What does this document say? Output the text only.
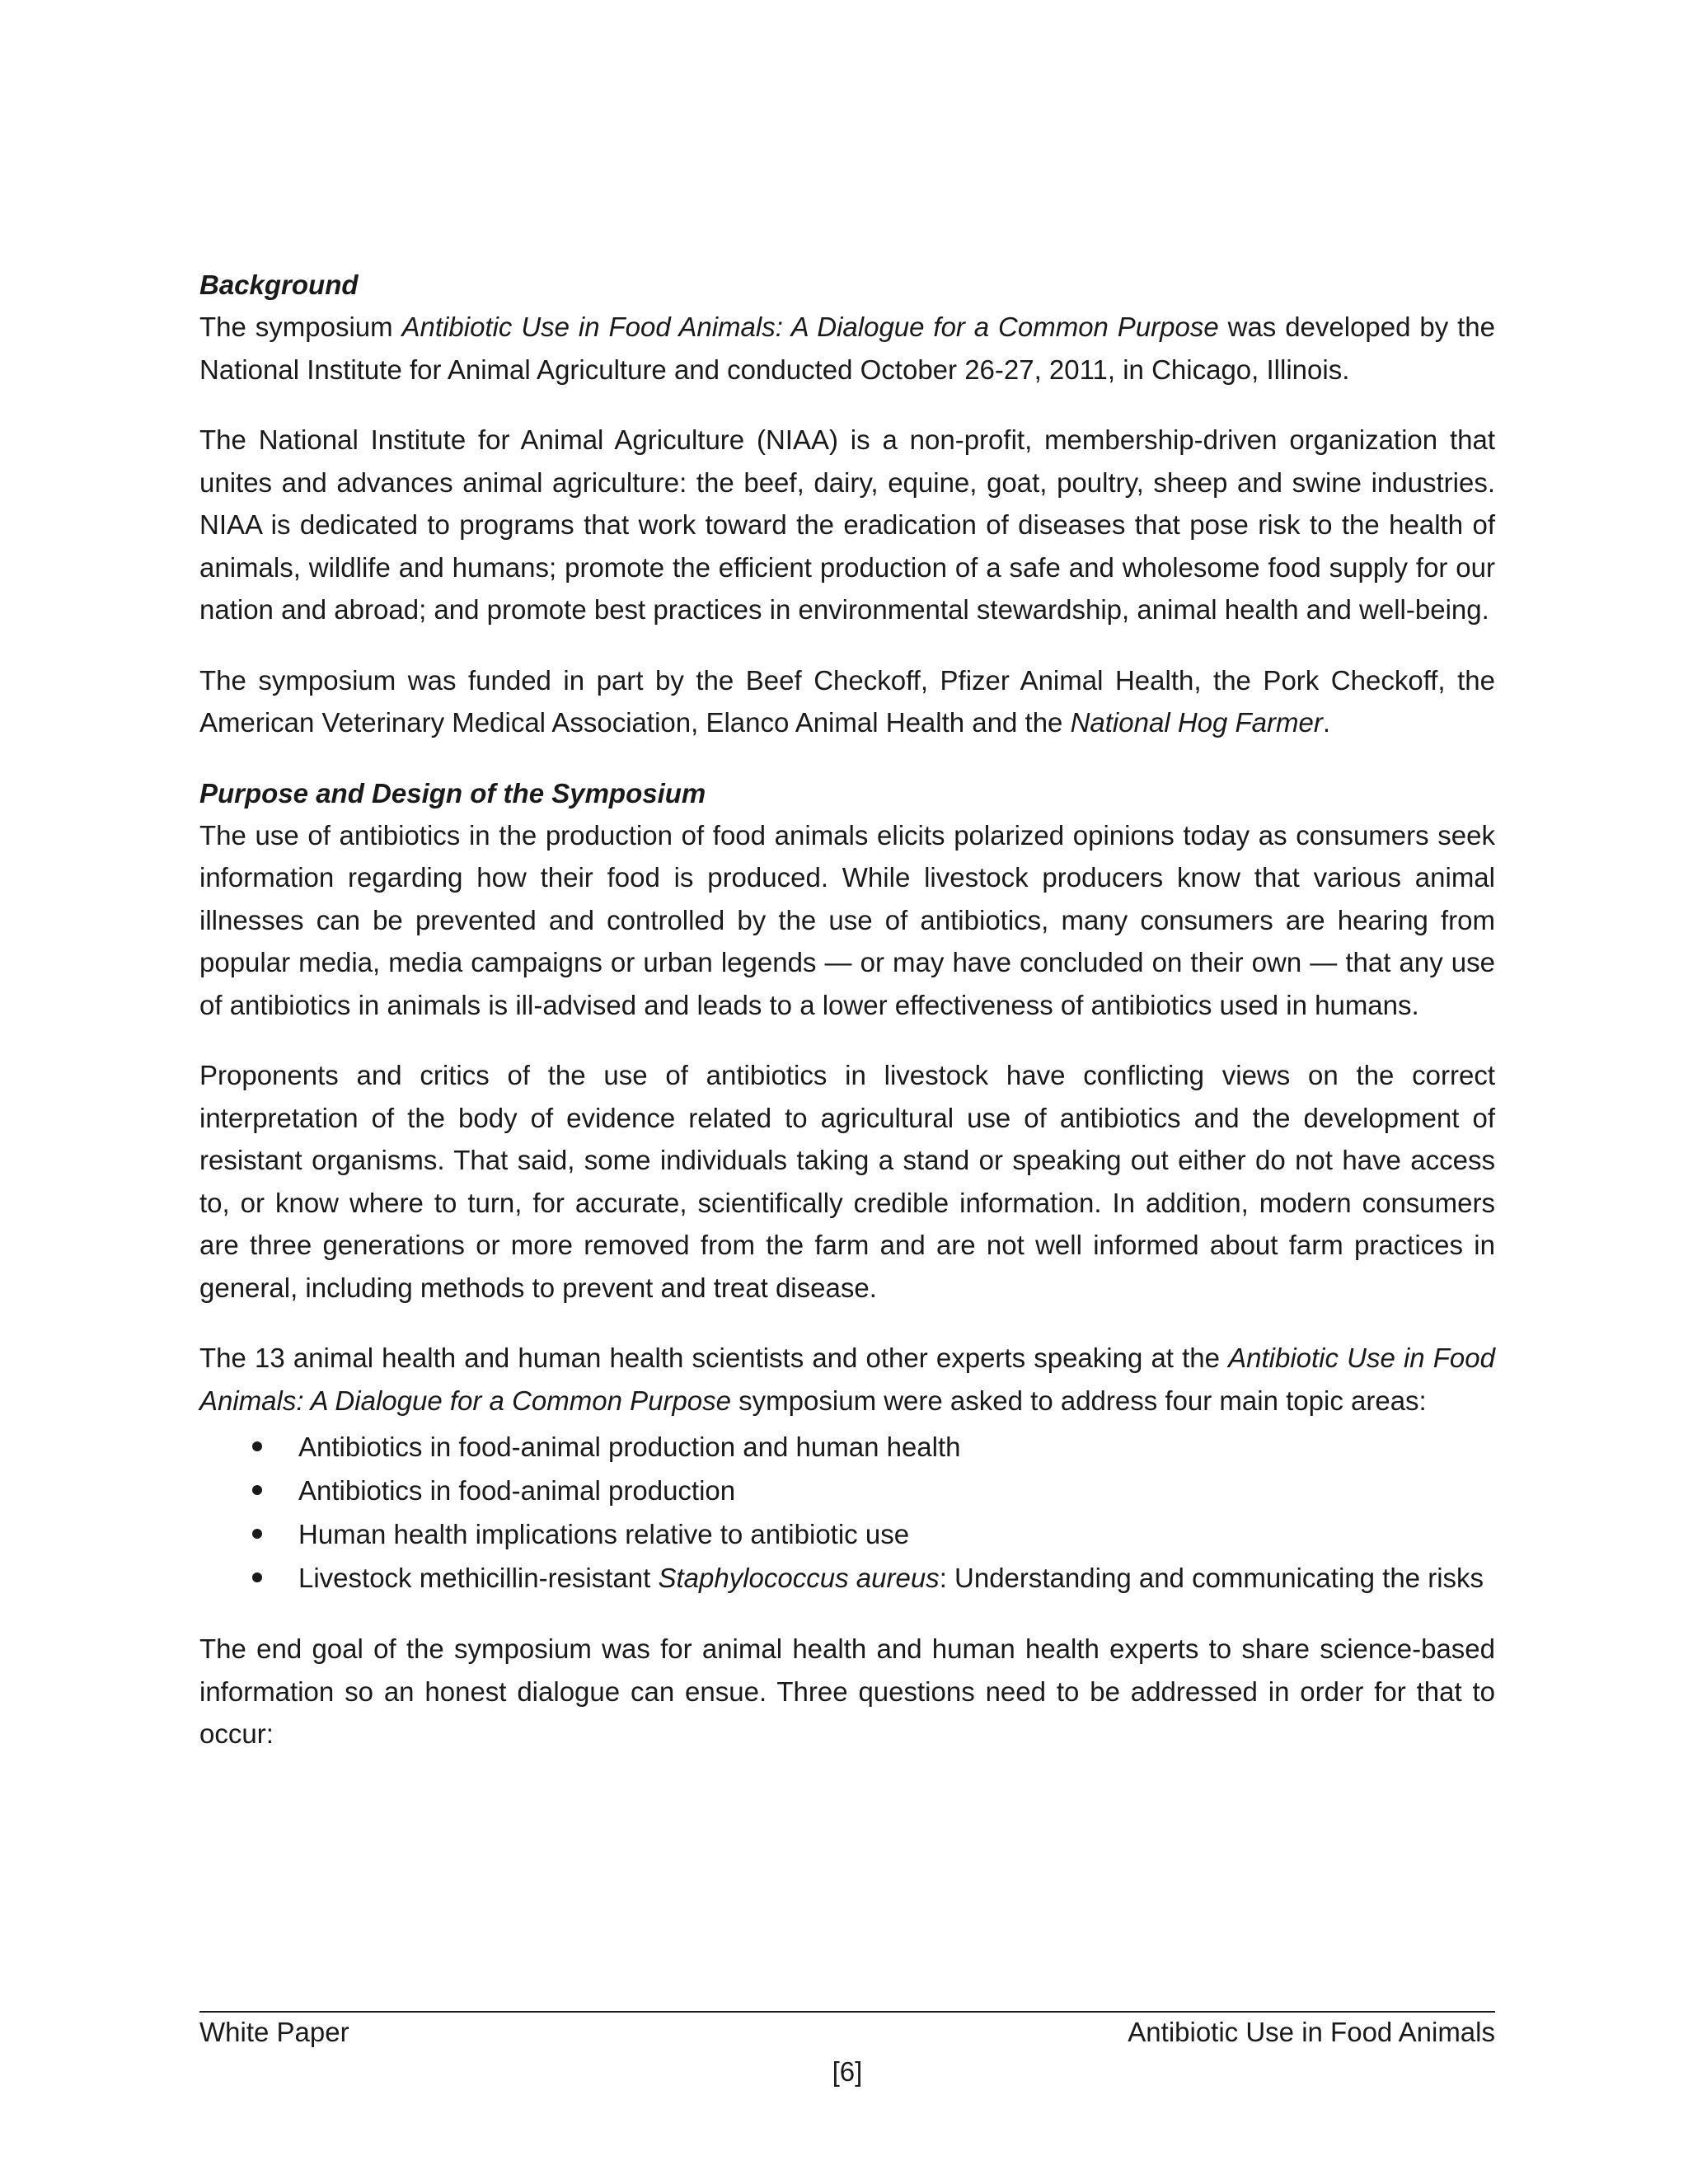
Background

The symposium Antibiotic Use in Food Animals: A Dialogue for a Common Purpose was developed by the National Institute for Animal Agriculture and conducted October 26-27, 2011, in Chicago, Illinois.

The National Institute for Animal Agriculture (NIAA) is a non-profit, membership-driven organization that unites and advances animal agriculture: the beef, dairy, equine, goat, poultry, sheep and swine industries. NIAA is dedicated to programs that work toward the eradication of diseases that pose risk to the health of animals, wildlife and humans; promote the efficient production of a safe and wholesome food supply for our nation and abroad; and promote best practices in environmental stewardship, animal health and well-being.

The symposium was funded in part by the Beef Checkoff, Pfizer Animal Health, the Pork Checkoff, the American Veterinary Medical Association, Elanco Animal Health and the National Hog Farmer.

Purpose and Design of the Symposium

The use of antibiotics in the production of food animals elicits polarized opinions today as consumers seek information regarding how their food is produced. While livestock producers know that various animal illnesses can be prevented and controlled by the use of antibiotics, many consumers are hearing from popular media, media campaigns or urban legends — or may have concluded on their own — that any use of antibiotics in animals is ill-advised and leads to a lower effectiveness of antibiotics used in humans.

Proponents and critics of the use of antibiotics in livestock have conflicting views on the correct interpretation of the body of evidence related to agricultural use of antibiotics and the development of resistant organisms. That said, some individuals taking a stand or speaking out either do not have access to, or know where to turn, for accurate, scientifically credible information. In addition, modern consumers are three generations or more removed from the farm and are not well informed about farm practices in general, including methods to prevent and treat disease.

The 13 animal health and human health scientists and other experts speaking at the Antibiotic Use in Food Animals: A Dialogue for a Common Purpose symposium were asked to address four main topic areas:

Antibiotics in food-animal production and human health
Antibiotics in food-animal production
Human health implications relative to antibiotic use
Livestock methicillin-resistant Staphylococcus aureus: Understanding and communicating the risks

The end goal of the symposium was for animal health and human health experts to share science-based information so an honest dialogue can ensue. Three questions need to be addressed in order for that to occur:

White Paper	Antibiotic Use in Food Animals
[6]
